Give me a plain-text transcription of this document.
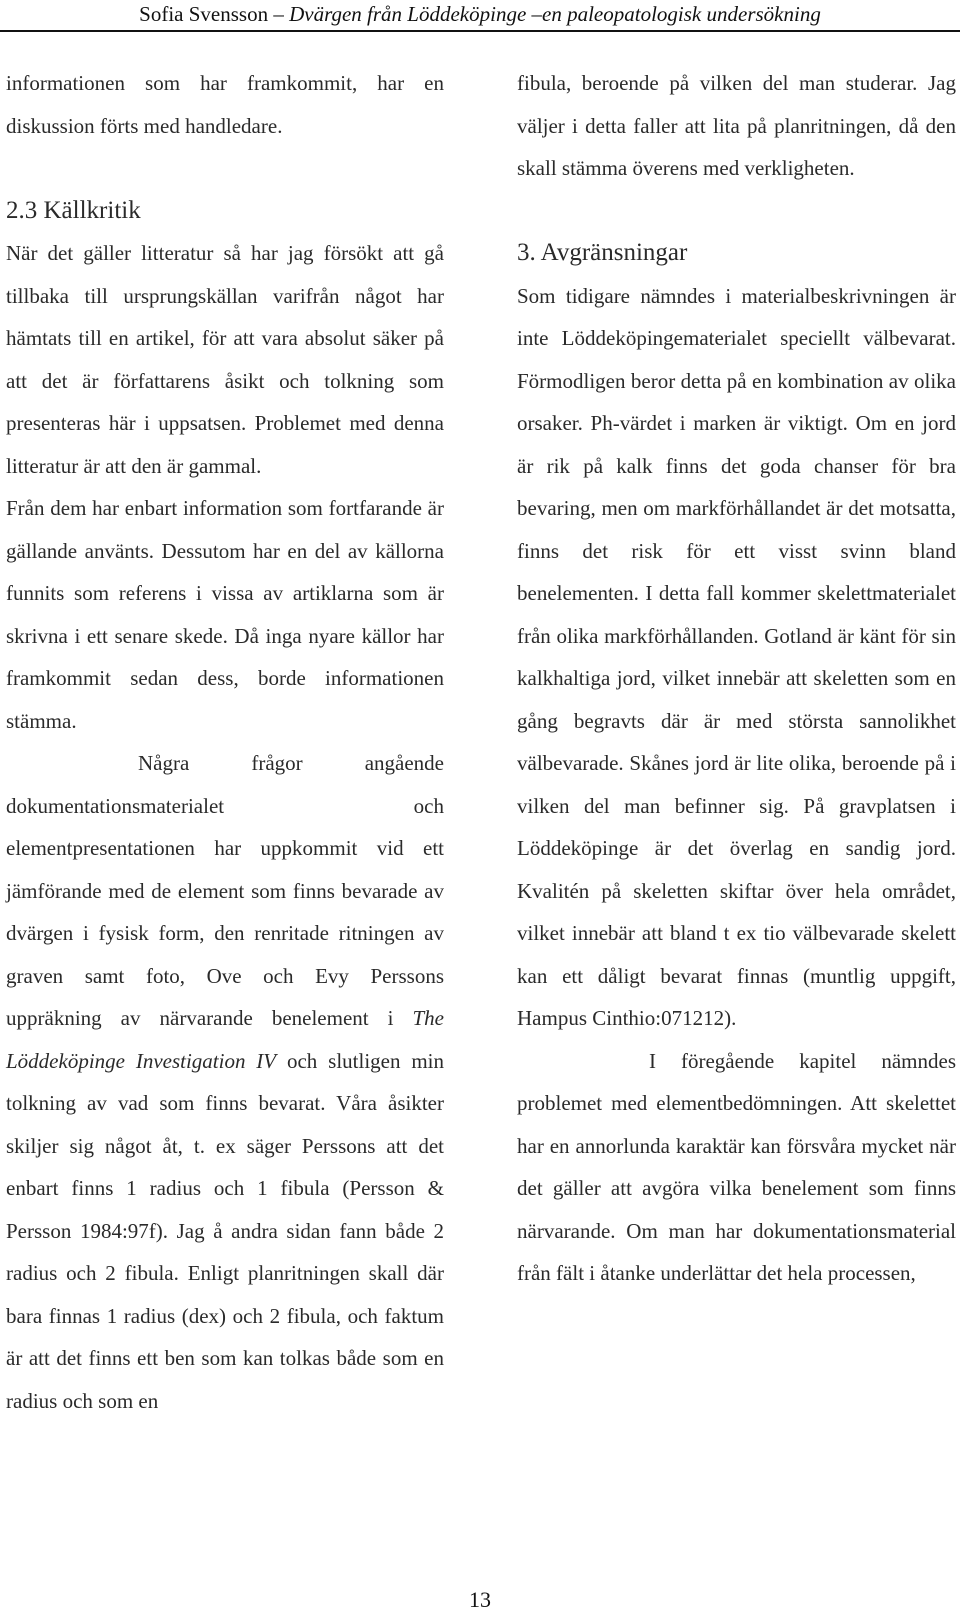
Sofia Svensson – Dvärgen från Löddeköpinge –en paleopatologisk undersökning

informationen som har framkommit, har en diskussion förts med handledare.

2.3 Källkritik

När det gäller litteratur så har jag försökt att gå tillbaka till ursprungskällan varifrån något har hämtats till en artikel, för att vara absolut säker på att det är författarens åsikt och tolkning som presenteras här i uppsatsen. Problemet med denna litteratur är att den är gammal.

Från dem har enbart information som fortfarande är gällande använts. Dessutom har en del av källorna funnits som referens i vissa av artiklarna som är skrivna i ett senare skede. Då inga nyare källor har framkommit sedan dess, borde informationen stämma.

Några frågor angående dokumentationsmaterialet och elementpresentationen har uppkommit vid ett jämförande med de element som finns bevarade av dvärgen i fysisk form, den renritade ritningen av graven samt foto, Ove och Evy Perssons uppräkning av närvarande benelement i The Löddeköpinge Investigation IV och slutligen min tolkning av vad som finns bevarat. Våra åsikter skiljer sig något åt, t. ex säger Perssons att det enbart finns 1 radius och 1 fibula (Persson & Persson 1984:97f). Jag å andra sidan fann både 2 radius och 2 fibula. Enligt planritningen skall där bara finnas 1 radius (dex) och 2 fibula, och faktum är att det finns ett ben som kan tolkas både som en radius och som en

fibula, beroende på vilken del man studerar. Jag väljer i detta faller att lita på planritningen, då den skall stämma överens med verkligheten.

3. Avgränsningar

Som tidigare nämndes i materialbeskrivningen är inte Löddeköpingematerialet speciellt välbevarat. Förmodligen beror detta på en kombination av olika orsaker. Ph-värdet i marken är viktigt. Om en jord är rik på kalk finns det goda chanser för bra bevaring, men om markförhållandet är det motsatta, finns det risk för ett visst svinn bland benelementen. I detta fall kommer skelettmaterialet från olika markförhållanden. Gotland är känt för sin kalkhaltiga jord, vilket innebär att skeletten som en gång begravts där är med största sannolikhet välbevarade. Skånes jord är lite olika, beroende på i vilken del man befinner sig. På gravplatsen i Löddeköpinge är det överlag en sandig jord. Kvalitén på skeletten skiftar över hela området, vilket innebär att bland t ex tio välbevarade skelett kan ett dåligt bevarat finnas (muntlig uppgift, Hampus Cinthio:071212).

I föregående kapitel nämndes problemet med elementbedömningen. Att skelettet har en annorlunda karaktär kan försvåra mycket när det gäller att avgöra vilka benelement som finns närvarande. Om man har dokumentationsmaterial från fält i åtanke underlättar det hela processen,

13
